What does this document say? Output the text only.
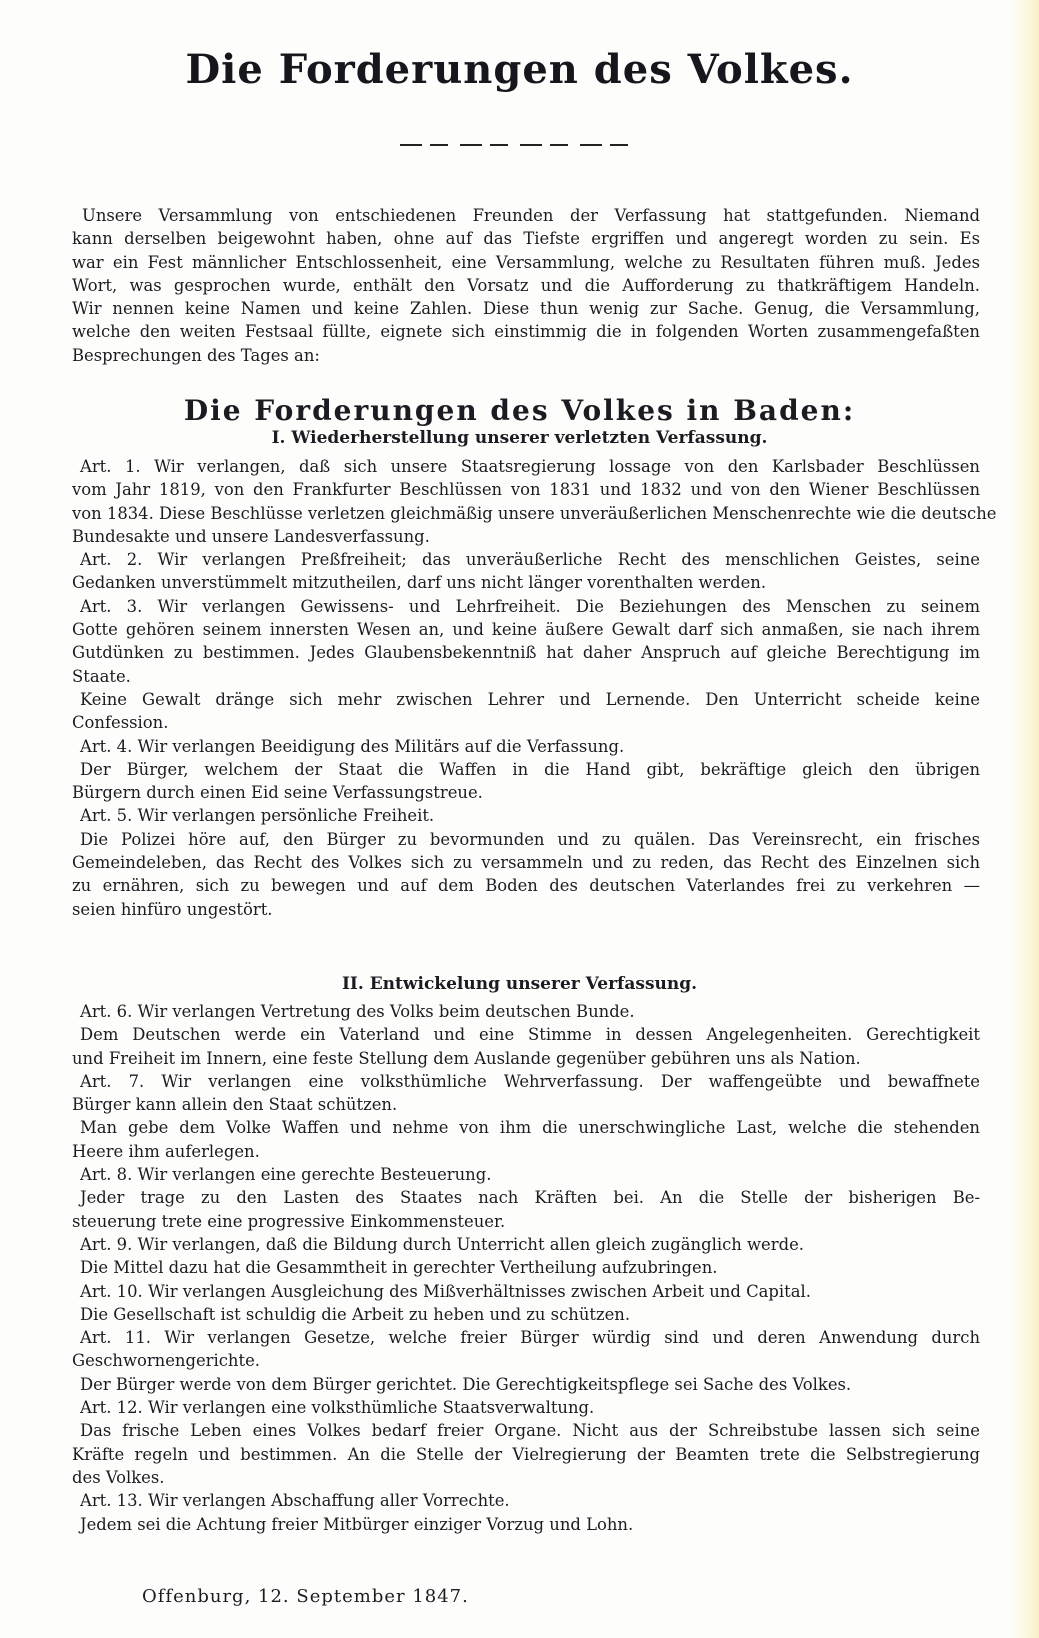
Die Forderungen des Volkes.
Unsere Versammlung von entschiedenen Freunden der Verfassung hat stattgefunden. Niemand
kann derselben beigewohnt haben, ohne auf das Tiefste ergriffen und angeregt worden zu sein. Es
war ein Fest männlicher Entschlossenheit, eine Versammlung, welche zu Resultaten führen muß. Jedes
Wort, was gesprochen wurde, enthält den Vorsatz und die Aufforderung zu thatkräftigem Handeln.
Wir nennen keine Namen und keine Zahlen. Diese thun wenig zur Sache. Genug, die Versammlung,
welche den weiten Festsaal füllte, eignete sich einstimmig die in folgenden Worten zusammengefaßten
Besprechungen des Tages an:
Die Forderungen des Volkes in Baden:
I. Wiederherstellung unserer verletzten Verfassung.
Art. 1. Wir verlangen, daß sich unsere Staatsregierung lossage von den Karlsbader Beschlüssen
vom Jahr 1819, von den Frankfurter Beschlüssen von 1831 und 1832 und von den Wiener Beschlüssen
von 1834. Diese Beschlüsse verletzen gleichmäßig unsere unveräußerlichen Menschenrechte wie die deutsche
Bundesakte und unsere Landesverfassung.
Art. 2. Wir verlangen Preßfreiheit; das unveräußerliche Recht des menschlichen Geistes, seine
Gedanken unverstümmelt mitzutheilen, darf uns nicht länger vorenthalten werden.
Art. 3. Wir verlangen Gewissens- und Lehrfreiheit. Die Beziehungen des Menschen zu seinem
Gotte gehören seinem innersten Wesen an, und keine äußere Gewalt darf sich anmaßen, sie nach ihrem
Gutdünken zu bestimmen. Jedes Glaubensbekenntniß hat daher Anspruch auf gleiche Berechtigung im
Staate.
Keine Gewalt dränge sich mehr zwischen Lehrer und Lernende. Den Unterricht scheide keine
Confession.
Art. 4. Wir verlangen Beeidigung des Militärs auf die Verfassung.
Der Bürger, welchem der Staat die Waffen in die Hand gibt, bekräftige gleich den übrigen
Bürgern durch einen Eid seine Verfassungstreue.
Art. 5. Wir verlangen persönliche Freiheit.
Die Polizei höre auf, den Bürger zu bevormunden und zu quälen. Das Vereinsrecht, ein frisches
Gemeindeleben, das Recht des Volkes sich zu versammeln und zu reden, das Recht des Einzelnen sich
zu ernähren, sich zu bewegen und auf dem Boden des deutschen Vaterlandes frei zu verkehren —
seien hinfüro ungestört.
II. Entwickelung unserer Verfassung.
Art. 6. Wir verlangen Vertretung des Volks beim deutschen Bunde.
Dem Deutschen werde ein Vaterland und eine Stimme in dessen Angelegenheiten. Gerechtigkeit
und Freiheit im Innern, eine feste Stellung dem Auslande gegenüber gebühren uns als Nation.
Art. 7. Wir verlangen eine volksthümliche Wehrverfassung. Der waffengeübte und bewaffnete
Bürger kann allein den Staat schützen.
Man gebe dem Volke Waffen und nehme von ihm die unerschwingliche Last, welche die stehenden
Heere ihm auferlegen.
Art. 8. Wir verlangen eine gerechte Besteuerung.
Jeder trage zu den Lasten des Staates nach Kräften bei. An die Stelle der bisherigen Be-
steuerung trete eine progressive Einkommensteuer.
Art. 9. Wir verlangen, daß die Bildung durch Unterricht allen gleich zugänglich werde.
Die Mittel dazu hat die Gesammtheit in gerechter Vertheilung aufzubringen.
Art. 10. Wir verlangen Ausgleichung des Mißverhältnisses zwischen Arbeit und Capital.
Die Gesellschaft ist schuldig die Arbeit zu heben und zu schützen.
Art. 11. Wir verlangen Gesetze, welche freier Bürger würdig sind und deren Anwendung durch
Geschwornengerichte.
Der Bürger werde von dem Bürger gerichtet. Die Gerechtigkeitspflege sei Sache des Volkes.
Art. 12. Wir verlangen eine volksthümliche Staatsverwaltung.
Das frische Leben eines Volkes bedarf freier Organe. Nicht aus der Schreibstube lassen sich seine
Kräfte regeln und bestimmen. An die Stelle der Vielregierung der Beamten trete die Selbstregierung
des Volkes.
Art. 13. Wir verlangen Abschaffung aller Vorrechte.
Jedem sei die Achtung freier Mitbürger einziger Vorzug und Lohn.
Offenburg, 12. September 1847.
